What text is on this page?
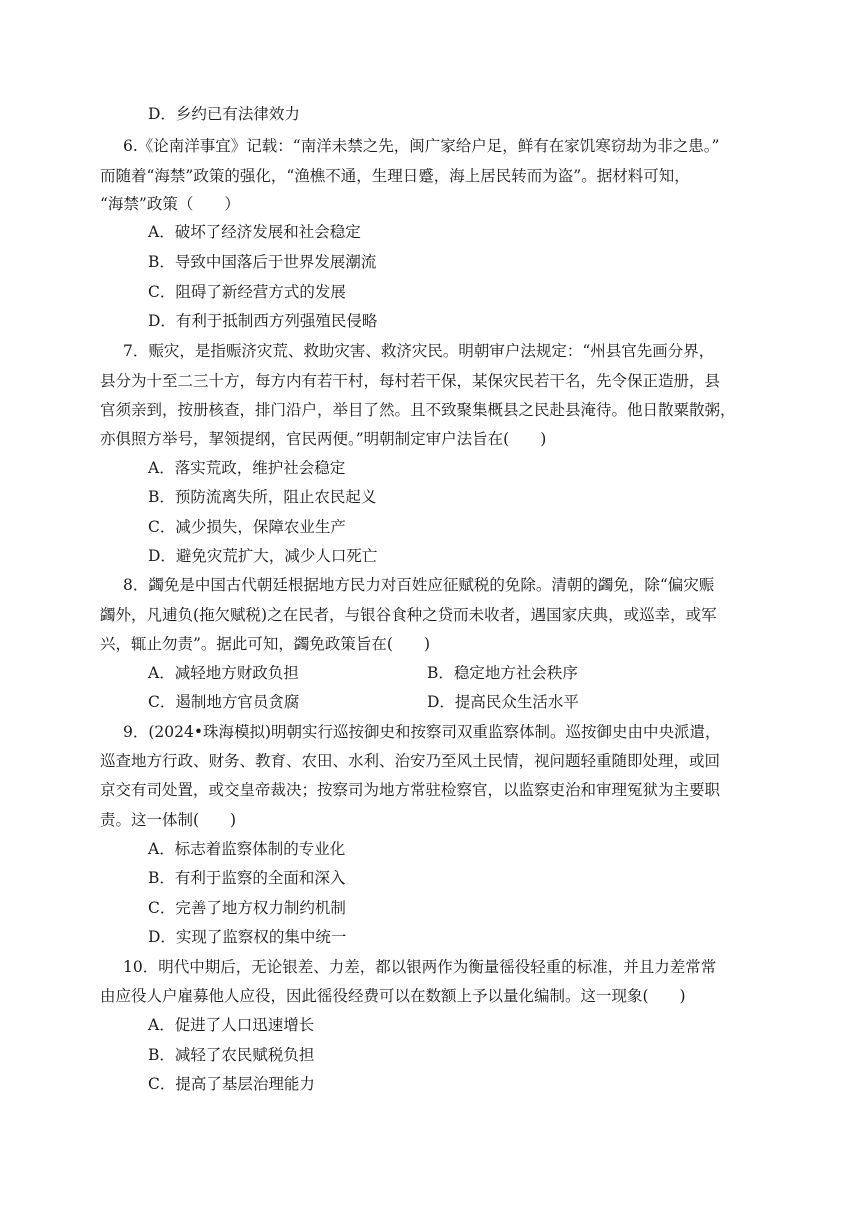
D．乡约已有法律效力
6.《论南洋事宜》记载：“南洋未禁之先，闽广家给户足，鲜有在家饥寒窃劫为非之患。”
而随着“海禁”政策的强化，“渔樵不通，生理日蹙，海上居民转而为盗”。据材料可知，
“海禁”政策（　　）
A．破坏了经济发展和社会稳定
B．导致中国落后于世界发展潮流
C．阻碍了新经营方式的发展
D．有利于抵制西方列强殖民侵略
7．赈灾，是指赈济灾荒、救助灾害、救济灾民。明朝审户法规定：“州县官先画分界，
县分为十至二三十方，每方内有若干村，每村若干保，某保灾民若干名，先令保正造册，县
官须亲到，按册核查，排门沿户，举目了然。且不致聚集概县之民赴县淹待。他日散粟散粥，
亦俱照方举号，挈领提纲，官民两便。”明朝制定审户法旨在(　　)
A．落实荒政，维护社会稳定
B．预防流离失所，阻止农民起义
C．减少损失，保障农业生产
D．避免灾荒扩大，减少人口死亡
8．蠲免是中国古代朝廷根据地方民力对百姓应征赋税的免除。清朝的蠲免，除“偏灾赈
蠲外，凡逋负(拖欠赋税)之在民者，与银谷食种之贷而未收者，遇国家庆典，或巡幸，或军
兴，辄止勿责”。据此可知，蠲免政策旨在(　　)
A．减轻地方财政负担	B．稳定地方社会秩序
C．遏制地方官员贪腐	D．提高民众生活水平
9．(2024•珠海模拟)明朝实行巡按御史和按察司双重监察体制。巡按御史由中央派遣，
巡查地方行政、财务、教育、农田、水利、治安乃至风土民情，视问题轻重随即处理，或回
京交有司处置，或交皇帝裁决；按察司为地方常驻检察官，以监察吏治和审理冤狱为主要职
责。这一体制(　　)
A．标志着监察体制的专业化
B．有利于监察的全面和深入
C．完善了地方权力制约机制
D．实现了监察权的集中统一
10．明代中期后，无论银差、力差，都以银两作为衡量徭役轻重的标准，并且力差常常
由应役人户雇募他人应役，因此徭役经费可以在数额上予以量化编制。这一现象(　　)
A．促进了人口迅速增长
B．减轻了农民赋税负担
C．提高了基层治理能力
